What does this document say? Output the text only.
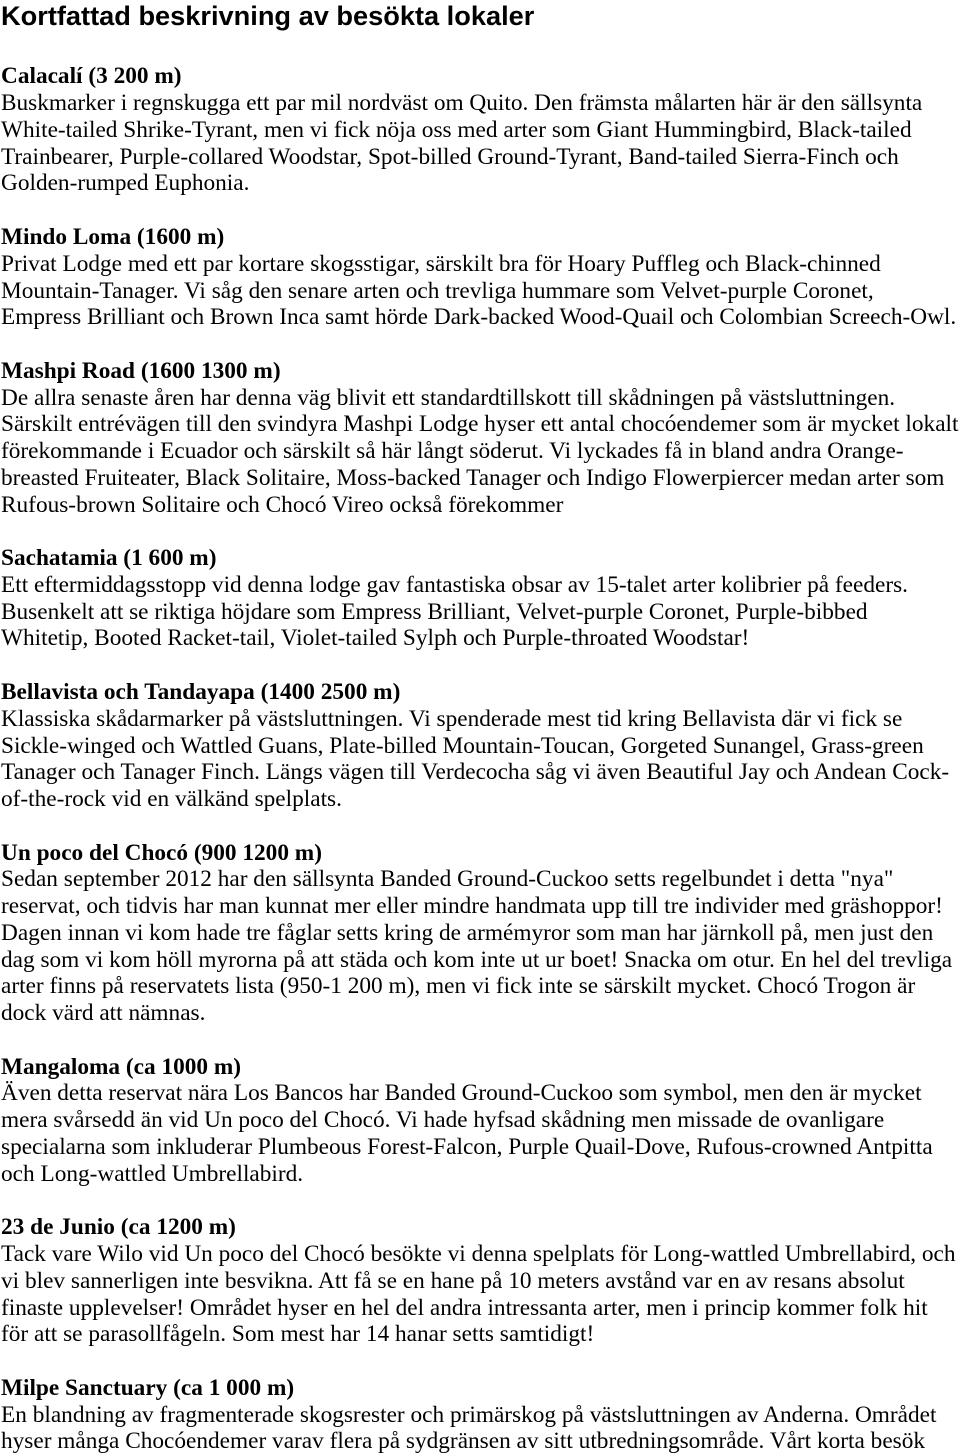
Kortfattad beskrivning av besökta lokaler
Calacalí (3 200 m)
Buskmarker i regnskugga ett par mil nordväst om Quito. Den främsta målarten här är den sällsynta
White-tailed Shrike-Tyrant, men vi fick nöja oss med arter som Giant Hummingbird, Black-tailed
Trainbearer, Purple-collared Woodstar, Spot-billed Ground-Tyrant, Band-tailed Sierra-Finch och
Golden-rumped Euphonia.
Mindo Loma (1600 m)
Privat Lodge med ett par kortare skogsstigar, särskilt bra för Hoary Puffleg och Black-chinned
Mountain-Tanager. Vi såg den senare arten och trevliga hummare som Velvet-purple Coronet,
Empress Brilliant och Brown Inca samt hörde Dark-backed Wood-Quail och Colombian Screech-Owl.
Mashpi Road (1600 1300 m)
De allra senaste åren har denna väg blivit ett standardtillskott till skådningen på västsluttningen.
Särskilt entrévägen till den svindyra Mashpi Lodge hyser ett antal chocóendemer som är mycket lokalt
förekommande i Ecuador och särskilt så här långt söderut. Vi lyckades få in bland andra Orange-
breasted Fruiteater, Black Solitaire, Moss-backed Tanager och Indigo Flowerpiercer medan arter som
Rufous-brown Solitaire och Chocó Vireo också förekommer
Sachatamia (1 600 m)
Ett eftermiddagsstopp vid denna lodge gav fantastiska obsar av 15-talet arter kolibrier på feeders.
Busenkelt att se riktiga höjdare som Empress Brilliant, Velvet-purple Coronet, Purple-bibbed
Whitetip, Booted Racket-tail, Violet-tailed Sylph och Purple-throated Woodstar!
Bellavista och Tandayapa (1400 2500 m)
Klassiska skådarmarker på västsluttningen. Vi spenderade mest tid kring Bellavista där vi fick se
Sickle-winged och Wattled Guans, Plate-billed Mountain-Toucan, Gorgeted Sunangel, Grass-green
Tanager och Tanager Finch. Längs vägen till Verdecocha såg vi även Beautiful Jay och Andean Cock-
of-the-rock vid en välkänd spelplats.
Un poco del Chocó (900 1200 m)
Sedan september 2012 har den sällsynta Banded Ground-Cuckoo setts regelbundet i detta "nya"
reservat, och tidvis har man kunnat mer eller mindre handmata upp till tre individer med gräshoppor!
Dagen innan vi kom hade tre fåglar setts kring de armémyror som man har järnkoll på, men just den
dag som vi kom höll myrorna på att städa och kom inte ut ur boet! Snacka om otur. En hel del trevliga
arter finns på reservatets lista (950-1 200 m), men vi fick inte se särskilt mycket. Chocó Trogon är
dock värd att nämnas.
Mangaloma (ca 1000 m)
Även detta reservat nära Los Bancos har Banded Ground-Cuckoo som symbol, men den är mycket
mera svårsedd än vid Un poco del Chocó. Vi hade hyfsad skådning men missade de ovanligare
specialarna som inkluderar Plumbeous Forest-Falcon, Purple Quail-Dove, Rufous-crowned Antpitta
och Long-wattled Umbrellabird.
23 de Junio (ca 1200 m)
Tack vare Wilo vid Un poco del Chocó besökte vi denna spelplats för Long-wattled Umbrellabird, och
vi blev sannerligen inte besvikna. Att få se en hane på 10 meters avstånd var en av resans absolut
finaste upplevelser! Området hyser en hel del andra intressanta arter, men i princip kommer folk hit
för att se parasollfågeln. Som mest har 14 hanar setts samtidigt!
Milpe Sanctuary (ca 1 000 m)
En blandning av fragmenterade skogsrester och primärskog på västsluttningen av Anderna. Området
hyser många Chocóendemer varav flera på sydgränsen av sitt utbredningsområde. Vårt korta besök
